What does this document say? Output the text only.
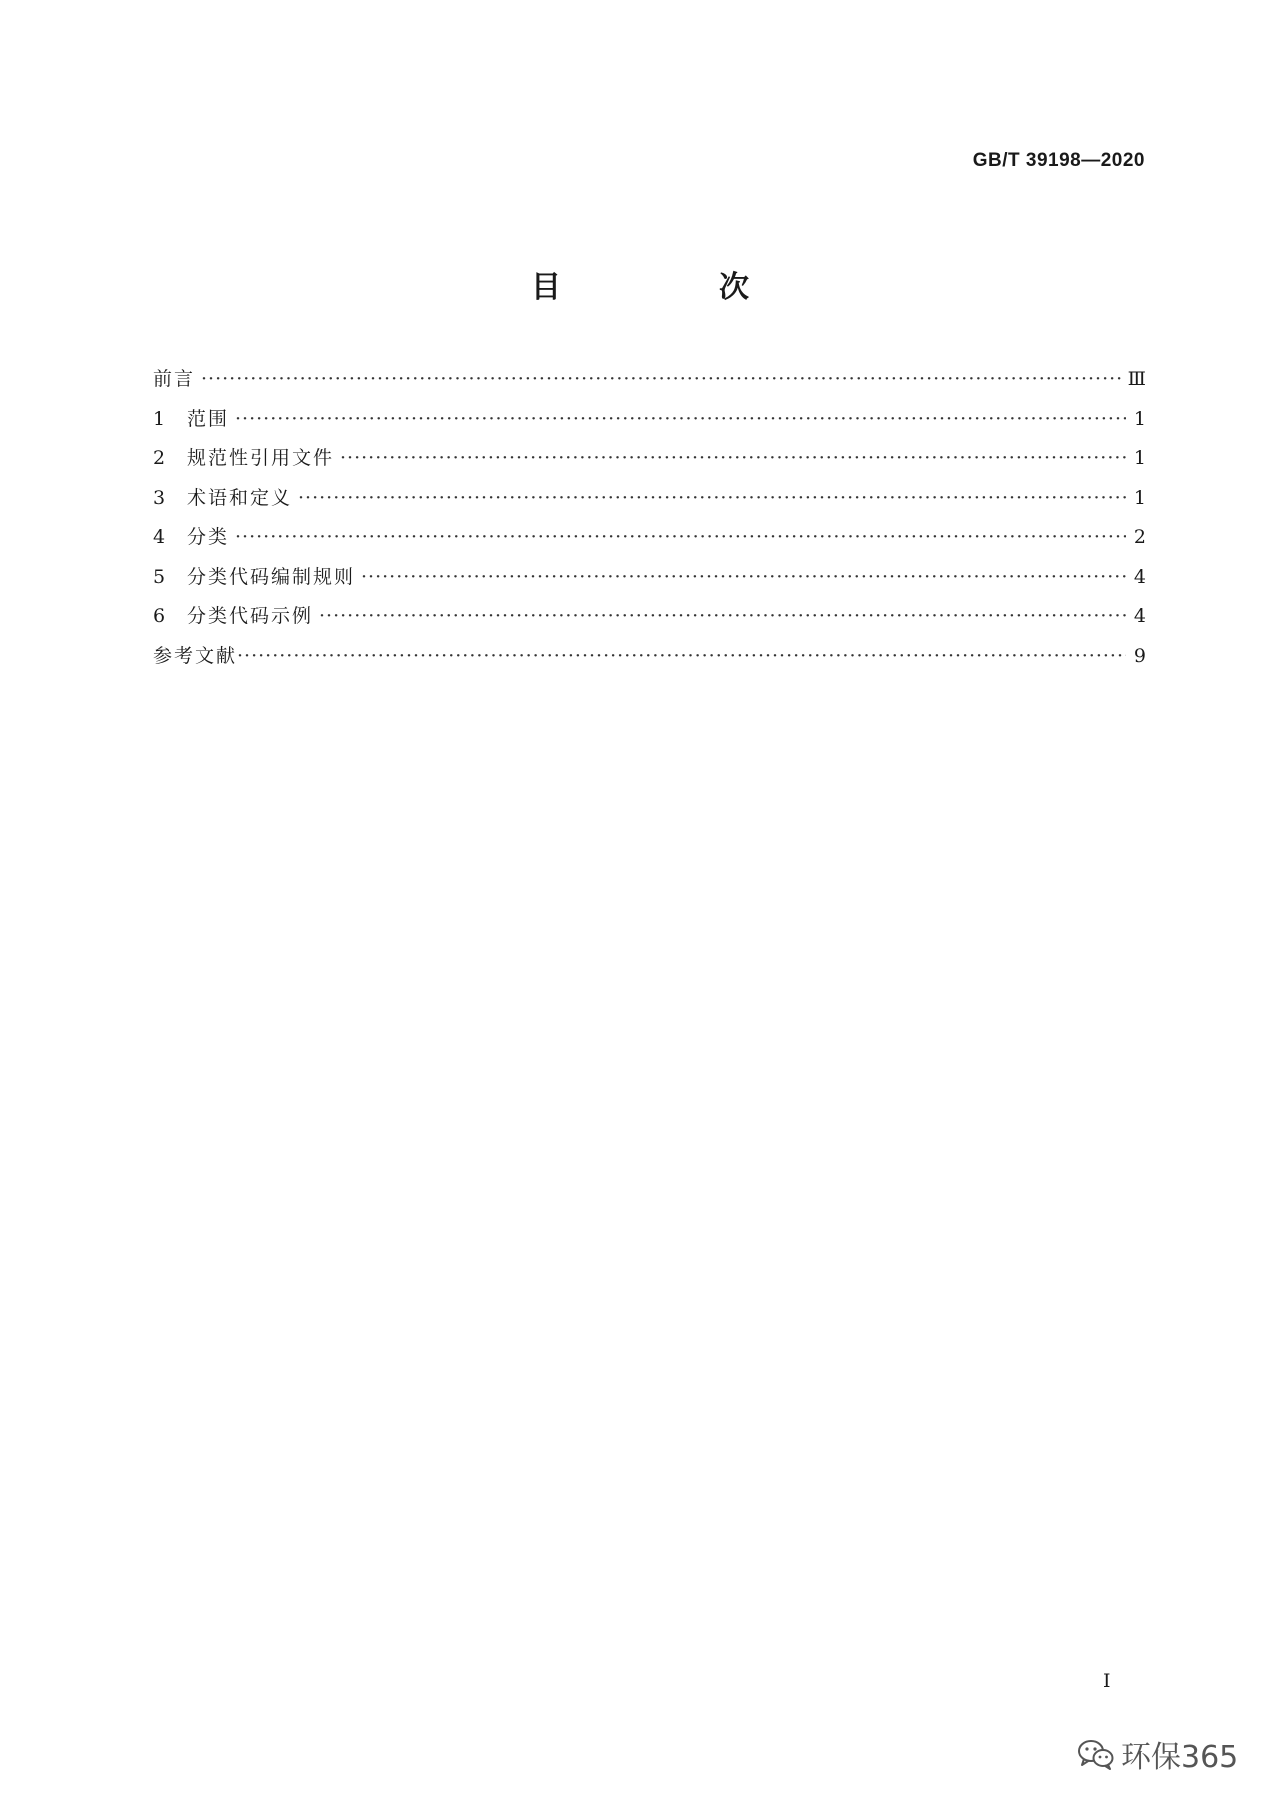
GB/T 39198—2020
目　次
前言 ·····	Ⅲ
1	范围 ·····	1
2	规范性引用文件 ·····	1
3	术语和定义 ·····	1
4	分类 ·····	2
5	分类代码编制规则 ·····	4
6	分类代码示例 ·····	4
参考文献 ·····	9
I
环保365
